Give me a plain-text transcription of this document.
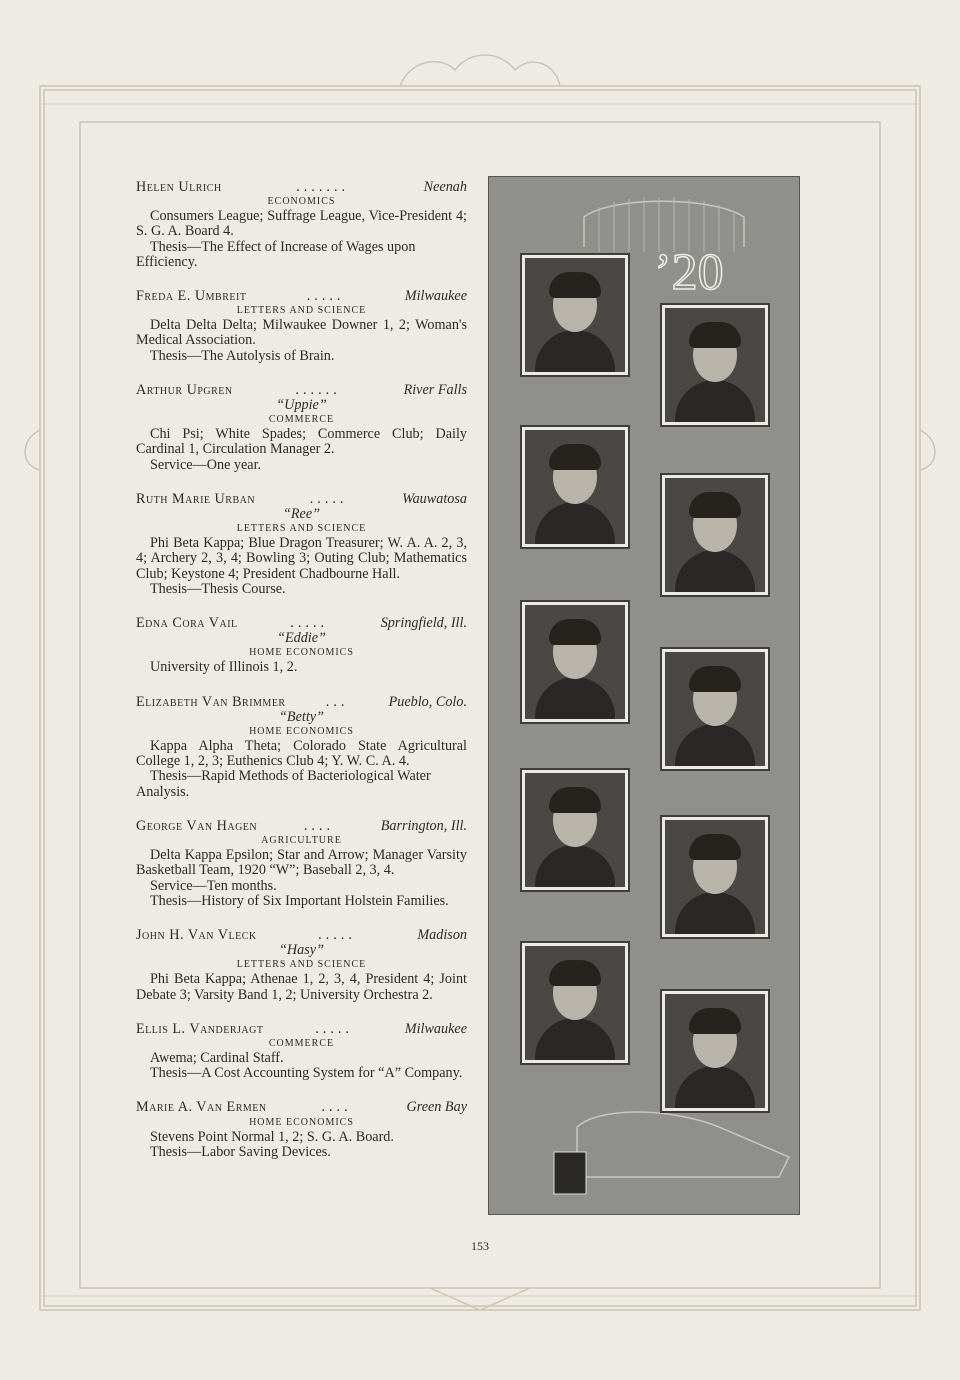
Helen Ulrich	.......	Neenah
ECONOMICS
Consumers League; Suffrage League, Vice-President 4; S. G. A. Board 4.
Thesis—The Effect of Increase of Wages upon Efficiency.
Freda E. Umbreit	.....	Milwaukee
LETTERS AND SCIENCE
Delta Delta Delta; Milwaukee Downer 1, 2; Woman's Medical Association.
Thesis—The Autolysis of Brain.
Arthur Upgren	......	River Falls
“Uppie”
COMMERCE
Chi Psi; White Spades; Commerce Club; Daily Cardinal 1, Circulation Manager 2.
Service—One year.
Ruth Marie Urban	.....	Wauwatosa
“Ree”
LETTERS AND SCIENCE
Phi Beta Kappa; Blue Dragon Treasurer; W. A. A. 2, 3, 4; Archery 2, 3, 4; Bowling 3; Outing Club; Mathematics Club; Keystone 4; President Chadbourne Hall.
Thesis—Thesis Course.
Edna Cora Vail	.....	Springfield, Ill.
“Eddie”
HOME ECONOMICS
University of Illinois 1, 2.
Elizabeth Van Brimmer	...	Pueblo, Colo.
“Betty”
HOME ECONOMICS
Kappa Alpha Theta; Colorado State Agricultural College 1, 2, 3; Euthenics Club 4; Y. W. C. A. 4.
Thesis—Rapid Methods of Bacteriological Water Analysis.
George Van Hagen	....	Barrington, Ill.
AGRICULTURE
Delta Kappa Epsilon; Star and Arrow; Manager Varsity Basketball Team, 1920 “W”; Baseball 2, 3, 4.
Service—Ten months.
Thesis—History of Six Important Holstein Families.
John H. Van Vleck	.....	Madison
“Hasy”
LETTERS AND SCIENCE
Phi Beta Kappa; Athenae 1, 2, 3, 4, President 4; Joint Debate 3; Varsity Band 1, 2; University Orchestra 2.
Ellis L. Vanderjagt	.....	Milwaukee
COMMERCE
Awema; Cardinal Staff.
Thesis—A Cost Accounting System for “A” Company.
Marie A. Van Ermen	....	Green Bay
HOME ECONOMICS
Stevens Point Normal 1, 2; S. G. A. Board.
Thesis—Labor Saving Devices.
’20
153
